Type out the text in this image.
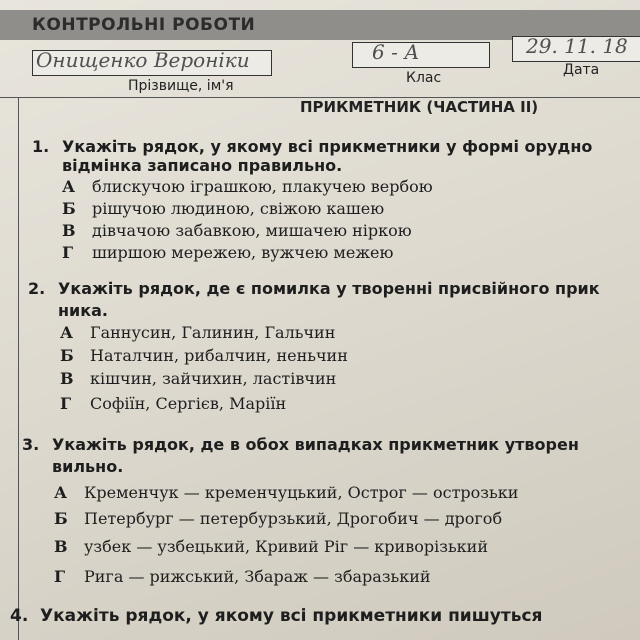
КОНТРОЛЬНІ РОБОТИ
Онищенко Вероніки
Прізвище, ім'я
6 - А
Клас
29. 11. 18
Дата
ПРИКМЕТНИК (ЧАСТИНА II)
1. Укажіть рядок, у якому всі прикметники у формі орудно
відмінка записано правильно.
А блискучою іграшкою, плакучею вербою
Б рішучою людиною, свіжою кашею
В дівчачою забавкою, мишачею ніркою
Г ширшою мережею, вужчею межею
2. Укажіть рядок, де є помилка у творенні присвійного прик
ника.
А Ганнусин, Галинин, Гальчин
Б Наталчин, рибалчин, неньчин
В кішчин, зайчихин, ластівчин
Г Софіїн, Сергієв, Маріїн
3. Укажіть рядок, де в обох випадках прикметник утворен
вильно.
А Кременчук — кременчуцький, Острог — острозьки
Б Петербург — петербурзький, Дрогобич — дрогоб
В узбек — узбецький, Кривий Ріг — криворізький
Г Рига — рижський, Збараж — збаразький
4. Укажіть рядок, у якому всі прикметники пишуться
